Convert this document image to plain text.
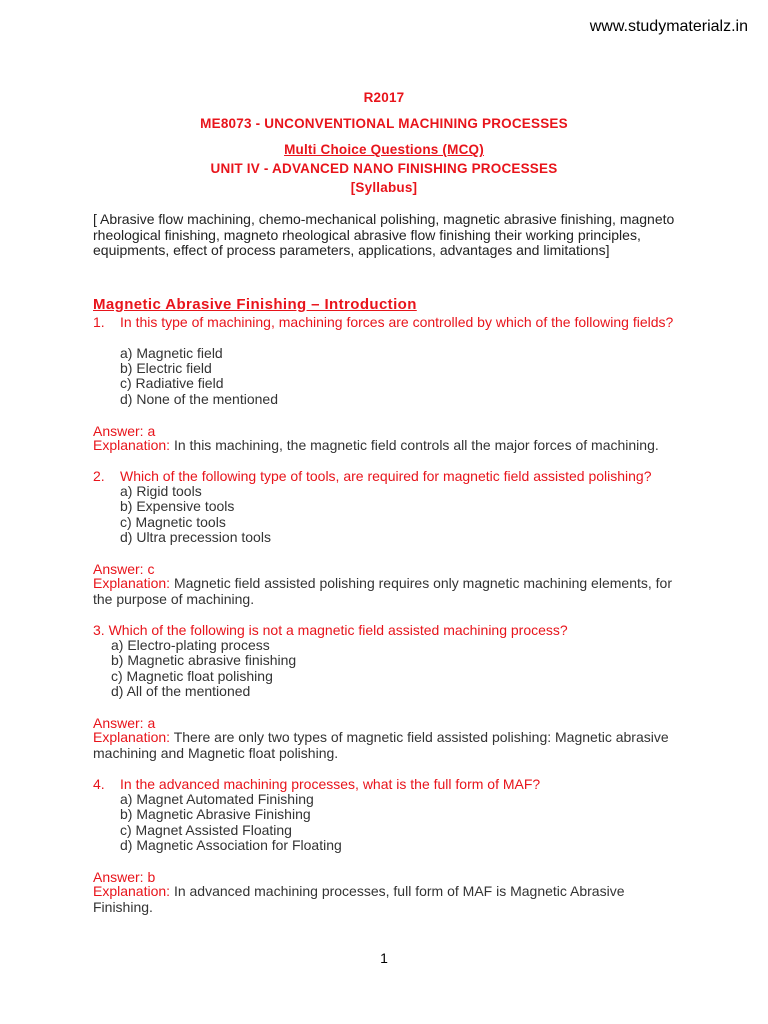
www.studymaterialz.in
R2017
ME8073 - UNCONVENTIONAL MACHINING PROCESSES
Multi Choice Questions (MCQ)
UNIT IV - ADVANCED NANO FINISHING PROCESSES
[Syllabus]
[ Abrasive flow machining, chemo-mechanical polishing, magnetic abrasive finishing, magneto rheological finishing, magneto rheological abrasive flow finishing their working principles, equipments, effect of process parameters, applications, advantages and limitations]
Magnetic Abrasive Finishing – Introduction
1. In this type of machining, machining forces are controlled by which of the following fields?
a) Magnetic field
b) Electric field
c) Radiative field
d) None of the mentioned
Answer: a
Explanation: In this machining, the magnetic field controls all the major forces of machining.
2. Which of the following type of tools, are required for magnetic field assisted polishing?
a) Rigid tools
b) Expensive tools
c) Magnetic tools
d) Ultra precession tools
Answer: c
Explanation: Magnetic field assisted polishing requires only magnetic machining elements, for the purpose of machining.
3. Which of the following is not a magnetic field assisted machining process?
a) Electro-plating process
b) Magnetic abrasive finishing
c) Magnetic float polishing
d) All of the mentioned
Answer: a
Explanation: There are only two types of magnetic field assisted polishing: Magnetic abrasive machining and Magnetic float polishing.
4. In the advanced machining processes, what is the full form of MAF?
a) Magnet Automated Finishing
b) Magnetic Abrasive Finishing
c) Magnet Assisted Floating
d) Magnetic Association for Floating
Answer: b
Explanation: In advanced machining processes, full form of MAF is Magnetic Abrasive Finishing.
1
